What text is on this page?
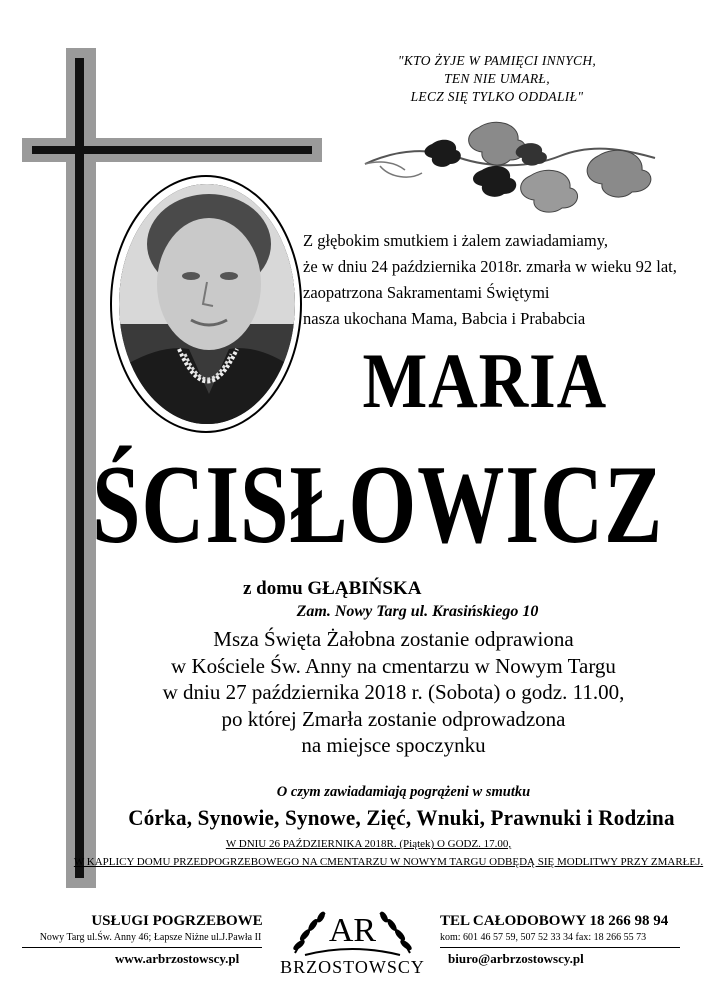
"KTO ŻYJE W PAMIĘCI INNYCH,
TEN NIE UMARŁ,
LECZ SIĘ TYLKO ODDALIŁ"
Z głębokim smutkiem i żalem zawiadamiamy,
że w dniu 24 października 2018r. zmarła w wieku 92 lat,
zaopatrzona Sakramentami Świętymi
nasza ukochana Mama, Babcia i Prababcia
MARIA
ŚCISŁOWICZ
z domu GŁĄBIŃSKA
Zam. Nowy Targ ul. Krasińskiego 10
Msza Święta Żałobna zostanie odprawiona
w Kościele Św. Anny na cmentarzu w Nowym Targu
w dniu 27 października 2018 r. (Sobota) o godz. 11.00,
po której Zmarła zostanie odprowadzona
na miejsce spoczynku
O czym zawiadamiają pogrążeni w smutku
Córka, Synowie, Synowe, Zięć, Wnuki, Prawnuki i Rodzina
W DNIU 26 PAŹDZIERNIKA 2018R. (Piątek) O GODZ. 17.00,
W KAPLICY DOMU PRZEDPOGRZEBOWEGO NA CMENTARZU W NOWYM TARGU ODBĘDĄ SIĘ MODLITWY PRZY ZMARŁEJ.
USŁUGI POGRZEBOWE
Nowy Targ ul.Św. Anny 46; Łapsze Niżne ul.J.Pawła II
www.arbrzostowscy.pl
AR
BRZOSTOWSCY
TEL CAŁODOBOWY 18 266 98 94
kom: 601 46 57 59, 507 52 33 34 fax: 18 266 55 73
biuro@arbrzostowscy.pl
